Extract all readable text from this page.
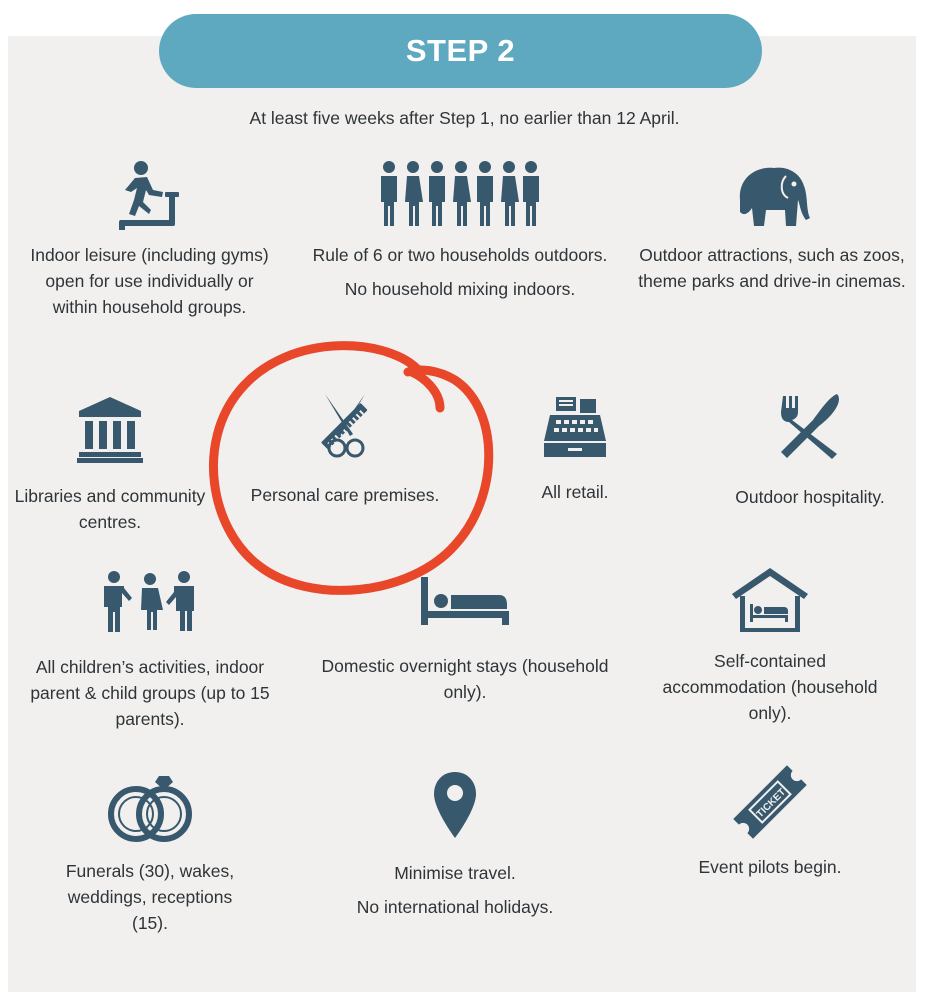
STEP 2
At least five weeks after Step 1, no earlier than 12 April.

Indoor leisure (including gyms) open for use individually or within household groups.

Rule of 6 or two households outdoors.

No household mixing indoors.

Outdoor attractions, such as zoos, theme parks and drive-in cinemas.

Libraries and community centres.

Personal care premises.	All retail.	Outdoor hospitality.

All children’s activities, indoor parent & child groups (up to 15 parents).

Domestic overnight stays (household only).

Self-contained accommodation (household only).

Funerals (30), wakes, weddings, receptions (15).

Minimise travel.

No international holidays.

TICKET

Event pilots begin.
